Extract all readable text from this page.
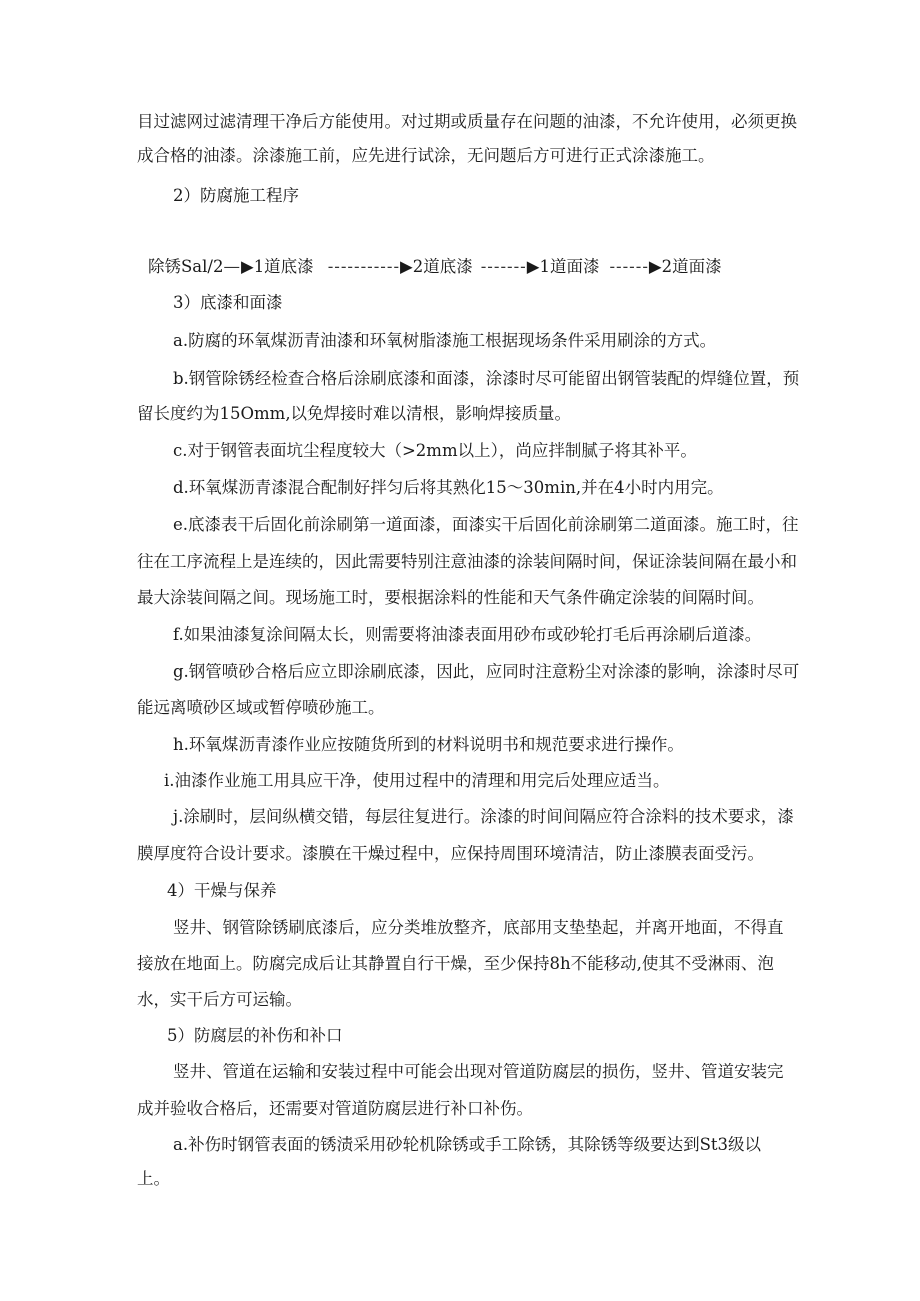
目过滤网过滤清理干净后方能使用。对过期或质量存在问题的油漆，不允许使用，必须更换
成合格的油漆。涂漆施工前，应先进行试涂，无问题后方可进行正式涂漆施工。
2）防腐施工程序
除锈Sal/2 — ▶ 1道底漆 ----------- ▶ 2道底漆 ------- ▶ 1道面漆 ------ ▶ 2道面漆
3）底漆和面漆
a.防腐的环氧煤沥青油漆和环氧树脂漆施工根据现场条件采用刷涂的方式。
b.钢管除锈经检查合格后涂刷底漆和面漆，涂漆时尽可能留出钢管装配的焊缝位置，预
留长度约为15Omm,以免焊接时难以清根，影响焊接质量。
c.对于钢管表面坑尘程度较大（>2mm以上），尚应拌制腻子将其补平。
d.环氧煤沥青漆混合配制好拌匀后将其熟化15～30min,并在4小时内用完。
e.底漆表干后固化前涂刷第一道面漆，面漆实干后固化前涂刷第二道面漆。施工时，往
往在工序流程上是连续的，因此需要特别注意油漆的涂装间隔时间，保证涂装间隔在最小和
最大涂装间隔之间。现场施工时，要根据涂料的性能和天气条件确定涂装的间隔时间。
f.如果油漆复涂间隔太长，则需要将油漆表面用砂布或砂轮打毛后再涂刷后道漆。
g.钢管喷砂合格后应立即涂刷底漆，因此，应同时注意粉尘对涂漆的影响，涂漆时尽可
能远离喷砂区域或暂停喷砂施工。
h.环氧煤沥青漆作业应按随货所到的材料说明书和规范要求进行操作。
i.油漆作业施工用具应干净，使用过程中的清理和用完后处理应适当。
j.涂刷时，层间纵横交错，每层往复进行。涂漆的时间间隔应符合涂料的技术要求，漆
膜厚度符合设计要求。漆膜在干燥过程中，应保持周围环境清洁，防止漆膜表面受污。
4）干燥与保养
竖井、钢管除锈刷底漆后，应分类堆放整齐，底部用支垫垫起，并离开地面，不得直
接放在地面上。防腐完成后让其静置自行干燥，至少保持8h不能移动,使其不受淋雨、泡
水，实干后方可运输。
5）防腐层的补伤和补口
竖井、管道在运输和安装过程中可能会出现对管道防腐层的损伤，竖井、管道安装完
成并验收合格后，还需要对管道防腐层进行补口补伤。
a.补伤时钢管表面的锈渍采用砂轮机除锈或手工除锈，其除锈等级要达到St3级以
上。
